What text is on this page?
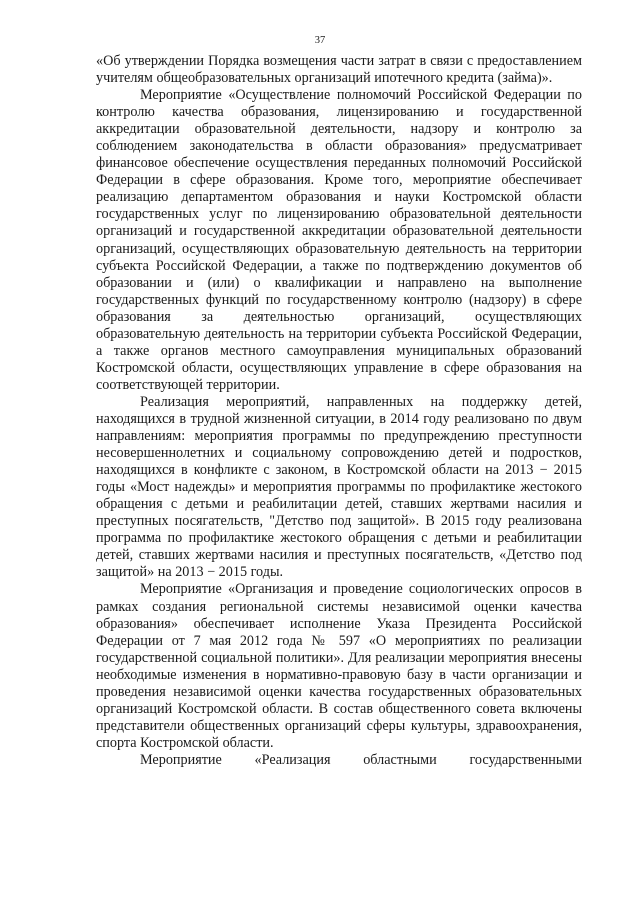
37

«Об утверждении Порядка возмещения части затрат в связи с предоставлением учителям общеобразовательных организаций ипотечного кредита (займа)».

Мероприятие «Осуществление полномочий Российской Федерации по контролю качества образования, лицензированию и государственной аккредитации образовательной деятельности, надзору и контролю за соблюдением законодательства в области образования» предусматривает финансовое обеспечение осуществления переданных полномочий Российской Федерации в сфере образования. Кроме того, мероприятие обеспечивает реализацию департаментом образования и науки Костромской области государственных услуг по лицензированию образовательной деятельности организаций и государственной аккредитации образовательной деятельности организаций, осуществляющих образовательную деятельность на территории субъекта Российской Федерации, а также по подтверждению документов об образовании и (или) о квалификации и направлено на выполнение государственных функций по государственному контролю (надзору) в сфере образования за деятельностью организаций, осуществляющих образовательную деятельность на территории субъекта Российской Федерации, а также органов местного самоуправления муниципальных образований Костромской области, осуществляющих управление в сфере образования на соответствующей территории.

Реализация мероприятий, направленных на поддержку детей, находящихся в трудной жизненной ситуации, в 2014 году реализовано по двум направлениям: мероприятия программы по предупреждению преступности несовершеннолетних и социальному сопровождению детей и подростков, находящихся в конфликте с законом, в Костромской области на 2013 − 2015 годы «Мост надежды» и мероприятия программы по профилактике жестокого обращения с детьми и реабилитации детей, ставших жертвами насилия и преступных посягательств, "Детство под защитой». В 2015 году реализована программа по профилактике жестокого обращения с детьми и реабилитации детей, ставших жертвами насилия и преступных посягательств, «Детство под защитой» на 2013 − 2015 годы.

Мероприятие «Организация и проведение социологических опросов в рамках создания региональной системы независимой оценки качества образования» обеспечивает исполнение Указа Президента Российской Федерации от 7 мая 2012 года № 597 «О мероприятиях по реализации государственной социальной политики». Для реализации мероприятия внесены необходимые изменения в нормативно-правовую базу в части организации и проведения независимой оценки качества государственных образовательных организаций Костромской области. В состав общественного совета включены представители общественных организаций сферы культуры, здравоохранения, спорта Костромской области.

Мероприятие «Реализация областными государственными
